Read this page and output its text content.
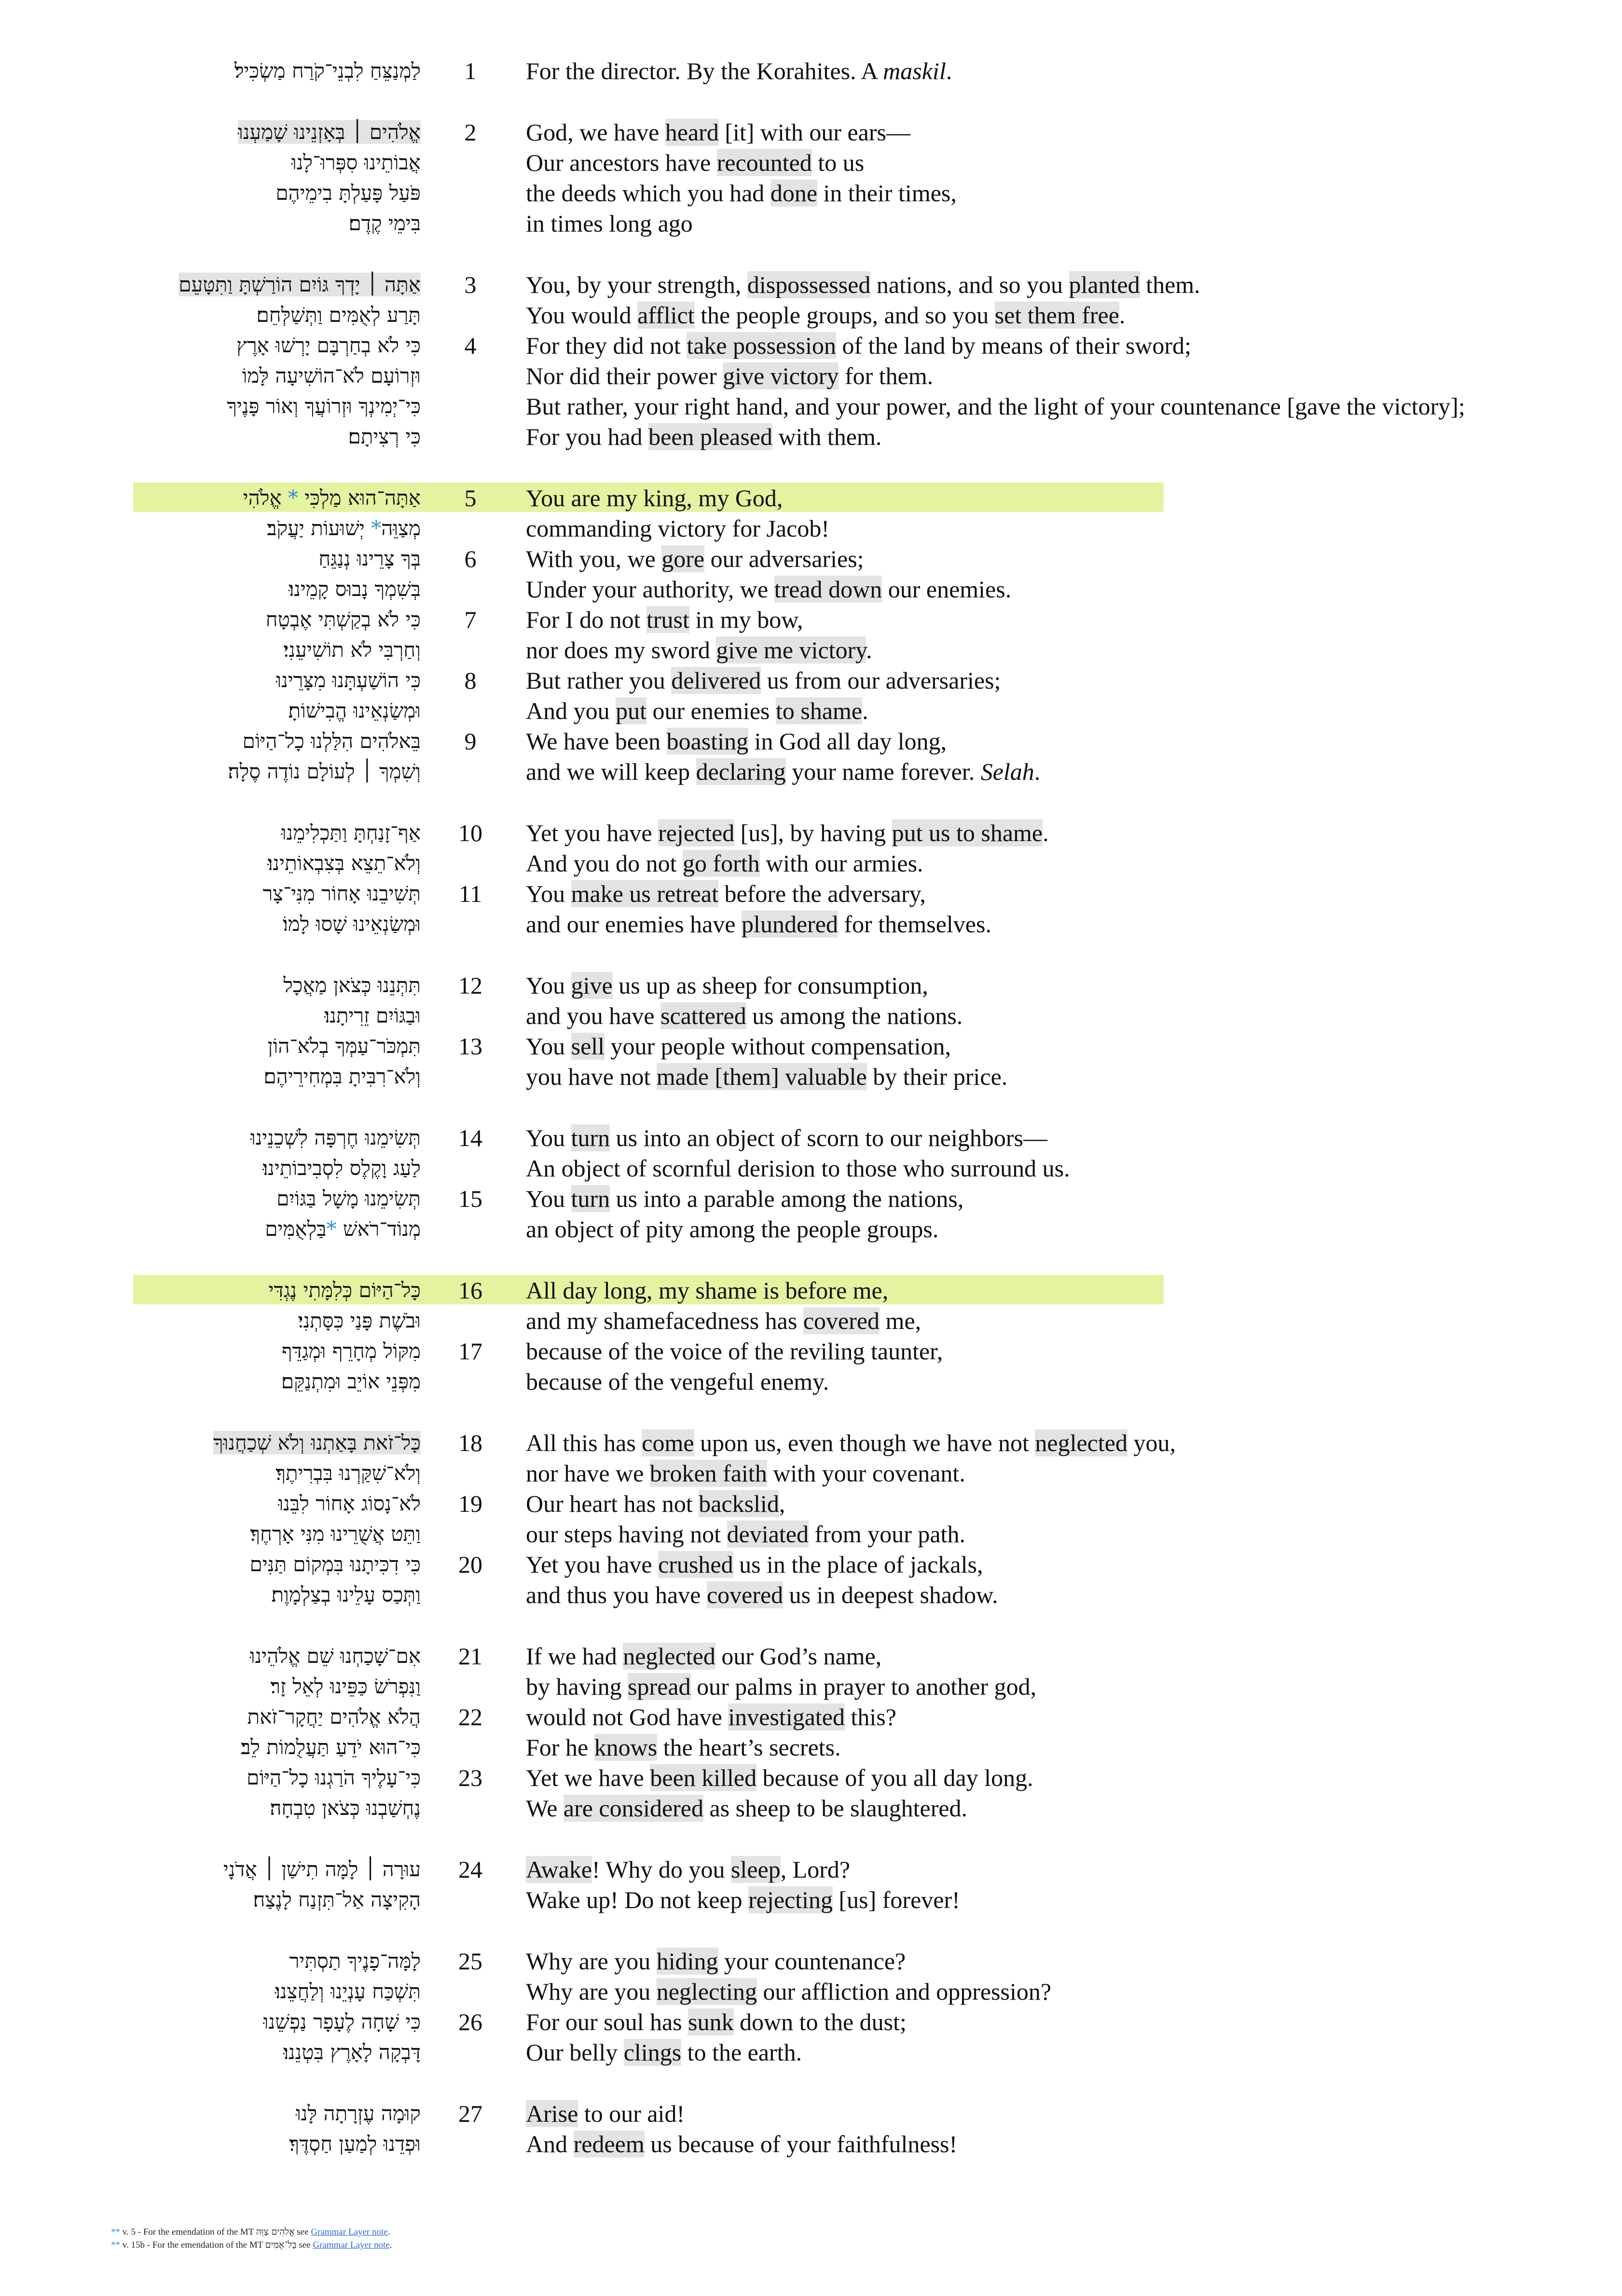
לַמְנַצֵּחַ לִבְנֵי־קֹרַח מַשְׂכִּיל׃	1	For the director. By the Korahites. A maskil.
אֱלֹהִים ׀ בְּאָזְנֵינוּ שָׁמַעְנוּ	2	God, we have heard [it] with our ears—
אֲבוֹתֵינוּ סִפְּרוּ־לָנוּ	Our ancestors have recounted to us
פֹּעַל פָּעַלְתָּ בִימֵיהֶם	the deeds which you had done in their times,
בִּימֵי קֶדֶם׃	in times long ago
אַתָּה ׀ יָדְךָ גּוֹיִם הוֹרַשְׁתָּ וַתִּטָּעֵם	3	You, by your strength, dispossessed nations, and so you planted them.
תָּרַע לְאֻמִּים וַתְּשַׁלְּחֵם׃	You would afflict the people groups, and so you set them free.
כִּי לֹא בְחַרְבָּם יָרְשׁוּ אָרֶץ	4	For they did not take possession of the land by means of their sword;
וּזְרוֹעָם לֹא־הוֹשִׁיעָה לָּמוֹ	Nor did their power give victory for them.
כִּי־יְמִינְךָ וּזְרוֹעֲךָ וְאוֹר פָּנֶיךָ	But rather, your right hand, and your power, and the light of your countenance [gave the victory];
כִּי רְצִיתָם׃	For you had been pleased with them.
אַתָּה־הוּא מַלְכִּי * אֱלֹהִי	5	You are my king, my God,
מְצַוֵּה* יְשׁוּעוֹת יַעֲקֹב׃	commanding victory for Jacob!
בְּךָ צָרֵינוּ נְנַגֵּחַ	6	With you, we gore our adversaries;
בְּשִׁמְךָ נָבוּס קָמֵינוּ׃	Under your authority, we tread down our enemies.
כִּי לֹא בְקַשְׁתִּי אֶבְטָח	7	For I do not trust in my bow,
וְחַרְבִּי לֹא תוֹשִׁיעֵנִי׃	nor does my sword give me victory.
כִּי הוֹשַׁעְתָּנוּ מִצָּרֵינוּ	8	But rather you delivered us from our adversaries;
וּמְשַׂנְאֵינוּ הֱבִישׁוֹתָ׃	And you put our enemies to shame.
בֵּאלֹהִים הִלַּלְנוּ כָל־הַיּוֹם	9	We have been boasting in God all day long,
וְשִׁמְךָ ׀ לְעוֹלָם נוֹדֶה סֶלָה׃	and we will keep declaring your name forever. Selah.
אַף־זָנַחְתָּ וַתַּכְלִימֵנוּ	10	Yet you have rejected [us], by having put us to shame.
וְלֹא־תֵצֵא בְּצִבְאוֹתֵינוּ׃	And you do not go forth with our armies.
תְּשִׁיבֵנוּ אָחוֹר מִנִּי־צָר	11	You make us retreat before the adversary,
וּמְשַׂנְאֵינוּ שָׁסוּ לָמוֹ׃	and our enemies have plundered for themselves.
תִּתְּנֵנוּ כְּצֹאן מַאֲכָל	12	You give us up as sheep for consumption,
וּבַגּוֹיִם זֵרִיתָנוּ׃	and you have scattered us among the nations.
תִּמְכֹּר־עַמְּךָ בְלֹא־הוֹן	13	You sell your people without compensation,
וְלֹא־רִבִּיתָ בִּמְחִירֵיהֶם׃	you have not made [them] valuable by their price.
תְּשִׂימֵנוּ חֶרְפָּה לִשְׁכֵנֵינוּ	14	You turn us into an object of scorn to our neighbors—
לַעַג וָקֶלֶס לִסְבִיבוֹתֵינוּ׃	An object of scornful derision to those who surround us.
תְּשִׂימֵנוּ מָשָׁל בַּגּוֹיִם	15	You turn us into a parable among the nations,
מְנוֹד־רֹאשׁ *בַּלְאֻמִּים	an object of pity among the people groups.
כָּל־הַיּוֹם כְּלִמָּתִי נֶגְדִּי	16	All day long, my shame is before me,
וּבֹשֶׁת פָּנַי כִּסָּתְנִי׃	and my shamefacedness has covered me,
מִקּוֹל מְחָרֵף וּמְגַדֵּף	17	because of the voice of the reviling taunter,
מִפְּנֵי אוֹיֵב וּמִתְנַקֵּם׃	because of the vengeful enemy.
כָּל־זֹאת בָּאַתְנוּ וְלֹא שְׁכַחֲנוּךָ	18	All this has come upon us, even though we have not neglected you,
וְלֹא־שִׁקַּרְנוּ בִּבְרִיתֶךָ׃	nor have we broken faith with your covenant.
לֹא־נָסוֹג אָחוֹר לִבֵּנוּ	19	Our heart has not backslid,
וַתֵּט אֲשֻׁרֵינוּ מִנִּי אָרְחֶךָ׃	our steps having not deviated from your path.
כִּי דִכִּיתָנוּ בִּמְקוֹם תַּנִּים	20	Yet you have crushed us in the place of jackals,
וַתְּכַס עָלֵינוּ בְצַלְמָוֶת׃	and thus you have covered us in deepest shadow.
אִם־שָׁכַחְנוּ שֵׁם אֱלֹהֵינוּ	21	If we had neglected our God’s name,
וַנִּפְרֹשׂ כַּפֵּינוּ לְאֵל זָר׃	by having spread our palms in prayer to another god,
הֲלֹא אֱלֹהִים יַחֲקָר־זֹאת	22	would not God have investigated this?
כִּי־הוּא יֹדֵעַ תַּעֲלֻמוֹת לֵב׃	For he knows the heart’s secrets.
כִּי־עָלֶיךָ הֹרַגְנוּ כָל־הַיּוֹם	23	Yet we have been killed because of you all day long.
נֶחְשַׁבְנוּ כְּצֹאן טִבְחָה׃	We are considered as sheep to be slaughtered.
עוּרָה ׀ לָמָּה תִישַׁן ׀ אֲדֹנָי	24	Awake! Why do you sleep, Lord?
הָקִיצָה אַל־תִּזְנַח לָנֶצַח׃	Wake up! Do not keep rejecting [us] forever!
לָמָּה־פָנֶיךָ תַסְתִּיר	25	Why are you hiding your countenance?
תִּשְׁכַּח עָנְיֵנוּ וְלַחֲצֵנוּ׃	Why are you neglecting our affliction and oppression?
כִּי שָׁחָה לֶעָפָר נַפְשֵׁנוּ	26	For our soul has sunk down to the dust;
דָּבְקָה לָאָרֶץ בִּטְנֵנוּ׃	Our belly clings to the earth.
קוּמָה עֶזְרָתָה לָּנוּ	27	Arise to our aid!
וּפְדֵנוּ לְמַעַן חַסְדֶּךָ׃	And redeem us because of your faithfulness!
** v. 5 - For the emendation of the MT אֱלֹהִים צַוֵּה see Grammar Layer note.
** v. 15b - For the emendation of the MT בַּל־אֻמִּים see Grammar Layer note.
